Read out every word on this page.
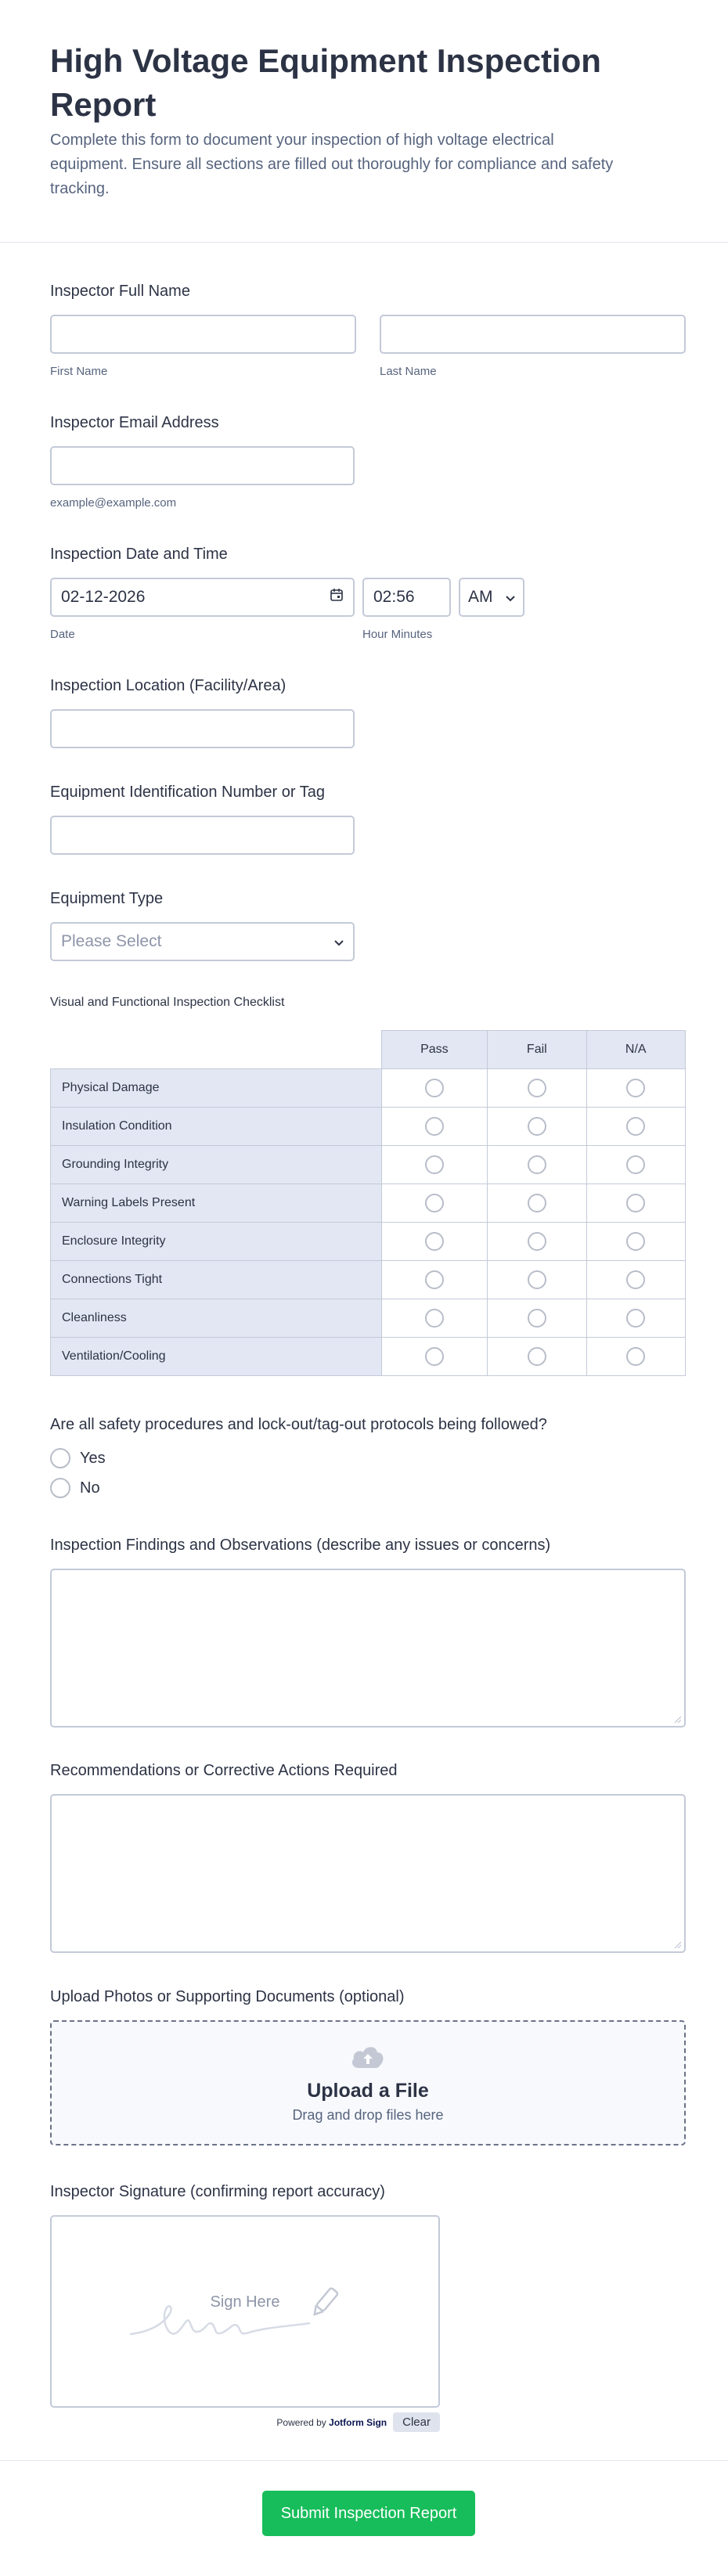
High Voltage Equipment Inspection Report

Complete this form to document your inspection of high voltage electrical equipment. Ensure all sections are filled out thoroughly for compliance and safety tracking.

Inspector Full Name
First Name	Last Name
Inspector Email Address
example@example.com
Inspection Date and Time
02-12-2026
Date
02:56
Hour Minutes
AM
Inspection Location (Facility/Area)
Equipment Identification Number or Tag
Equipment Type
Please Select
Visual and Functional Inspection Checklist
	Pass	Fail	N/A
Physical Damage			
Insulation Condition			
Grounding Integrity			
Warning Labels Present			
Enclosure Integrity			
Connections Tight			
Cleanliness			
Ventilation/Cooling			
Are all safety procedures and lock-out/tag-out protocols being followed?
Yes
No
Inspection Findings and Observations (describe any issues or concerns)
Recommendations or Corrective Actions Required
Upload Photos or Supporting Documents (optional)
Upload a File
Drag and drop files here
Inspector Signature (confirming report accuracy)
Sign Here
Powered by Jotform Sign	Clear
Submit Inspection Report
